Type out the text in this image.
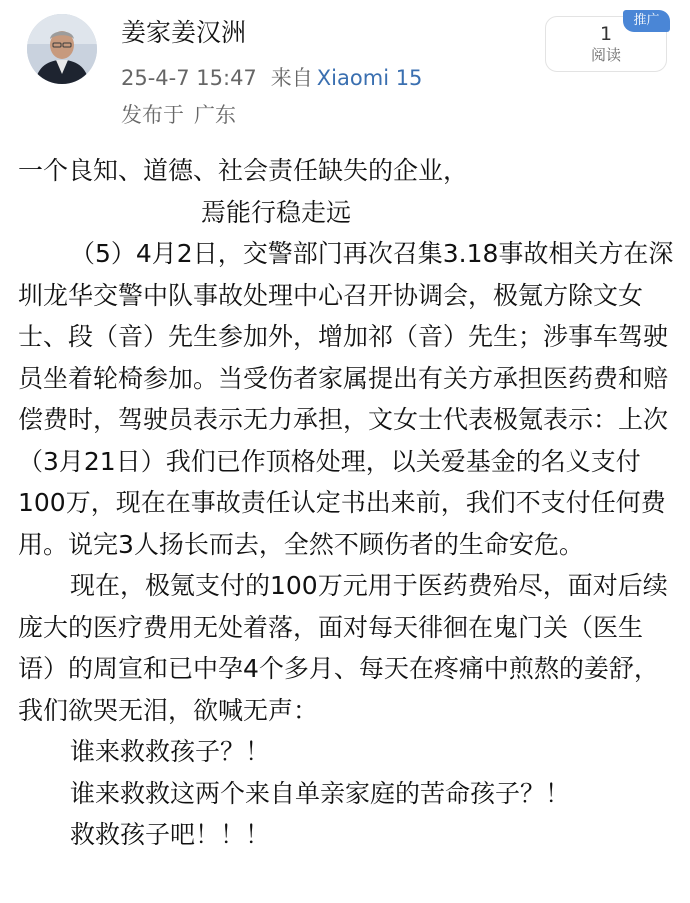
姜家姜汉洲
25-4-7 15:47 来自 Xiaomi 15
发布于 广东
1
阅读
推广

一个良知、道德、社会责任缺失的企业，

焉能行稳走远

（5）4月2日，交警部门再次召集3.18事故相关方在深圳龙华交警中队事故处理中心召开协调会，极氪方除文女士、段（音）先生参加外，增加祁（音）先生；涉事车驾驶员坐着轮椅参加。当受伤者家属提出有关方承担医药费和赔偿费时，驾驶员表示无力承担，文女士代表极氪表示：上次（3月21日）我们已作顶格处理，以关爱基金的名义支付100万，现在在事故责任认定书出来前，我们不支付任何费用。说完3人扬长而去，全然不顾伤者的生命安危。

现在，极氪支付的100万元用于医药费殆尽，面对后续庞大的医疗费用无处着落，面对每天徘徊在鬼门关（医生语）的周宣和已中孕4个多月、每天在疼痛中煎熬的姜舒，我们欲哭无泪，欲喊无声：

谁来救救孩子？！

谁来救救这两个来自单亲家庭的苦命孩子？！

救救孩子吧！！！
